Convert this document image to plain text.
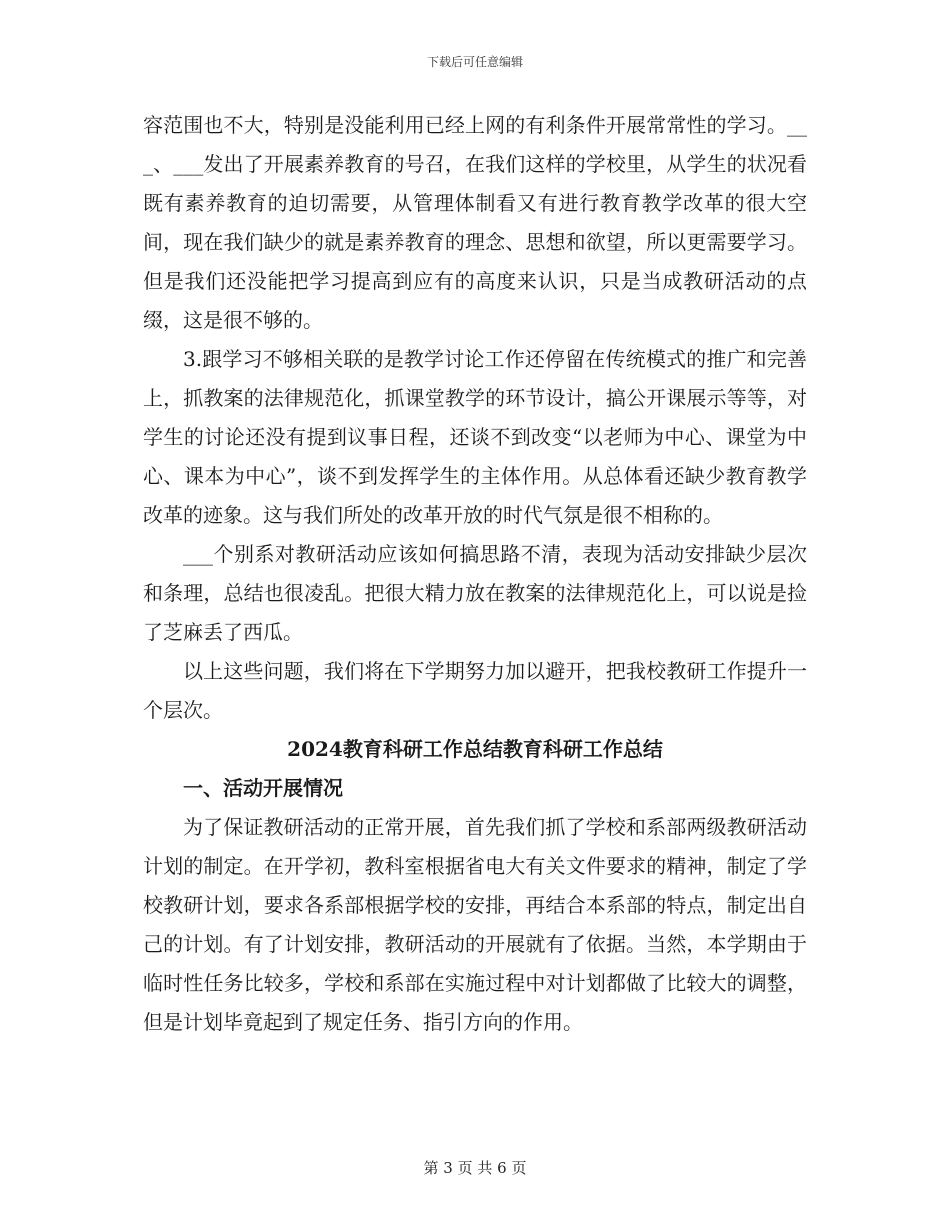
下载后可任意编辑

容范围也不大，特别是没能利用已经上网的有利条件开展常常性的学习。___、___发出了开展素养教育的号召，在我们这样的学校里，从学生的状况看既有素养教育的迫切需要，从管理体制看又有进行教育教学改革的很大空间，现在我们缺少的就是素养教育的理念、思想和欲望，所以更需要学习。但是我们还没能把学习提高到应有的高度来认识，只是当成教研活动的点缀，这是很不够的。

3.跟学习不够相关联的是教学讨论工作还停留在传统模式的推广和完善上，抓教案的法律规范化，抓课堂教学的环节设计，搞公开课展示等等，对学生的讨论还没有提到议事日程，还谈不到改变“以老师为中心、课堂为中心、课本为中心”，谈不到发挥学生的主体作用。从总体看还缺少教育教学改革的迹象。这与我们所处的改革开放的时代气氛是很不相称的。

___个别系对教研活动应该如何搞思路不清，表现为活动安排缺少层次和条理，总结也很凌乱。把很大精力放在教案的法律规范化上，可以说是捡了芝麻丢了西瓜。

以上这些问题，我们将在下学期努力加以避开，把我校教研工作提升一个层次。

2024教育科研工作总结教育科研工作总结

一、活动开展情况

为了保证教研活动的正常开展，首先我们抓了学校和系部两级教研活动计划的制定。在开学初，教科室根据省电大有关文件要求的精神，制定了学校教研计划，要求各系部根据学校的安排，再结合本系部的特点，制定出自己的计划。有了计划安排，教研活动的开展就有了依据。当然，本学期由于临时性任务比较多，学校和系部在实施过程中对计划都做了比较大的调整，但是计划毕竟起到了规定任务、指引方向的作用。

第 3 页 共 6 页
